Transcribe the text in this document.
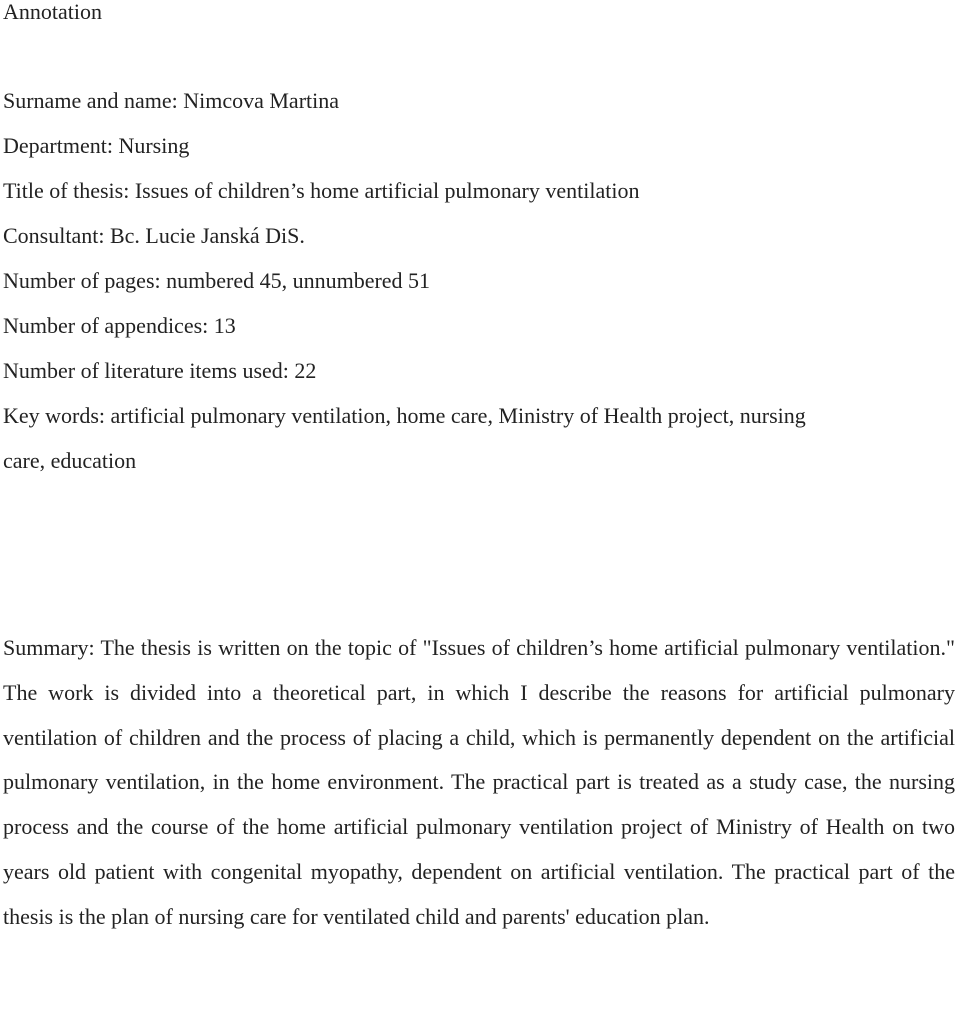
Annotation
Surname and name: Nimcova Martina
Department: Nursing
Title of thesis: Issues of children’s home artificial pulmonary ventilation
Consultant: Bc. Lucie Janská DiS.
Number of pages: numbered 45, unnumbered 51
Number of appendices: 13
Number of literature items used: 22
Key words: artificial pulmonary ventilation, home care, Ministry of Health project, nursing
care, education
Summary: The thesis is written on the topic of "Issues of children’s home artificial pulmonary ventilation." The work is divided into a theoretical part, in which I describe the reasons for artificial pulmonary ventilation of children and the process of placing a child, which is permanently dependent on the artificial pulmonary ventilation, in the home environment. The practical part is treated as a study case, the nursing process and the course of the home artificial pulmonary ventilation project of Ministry of Health on two years old patient with congenital myopathy, dependent on artificial ventilation. The practical part of the thesis is the plan of nursing care for ventilated child and parents' education plan.
